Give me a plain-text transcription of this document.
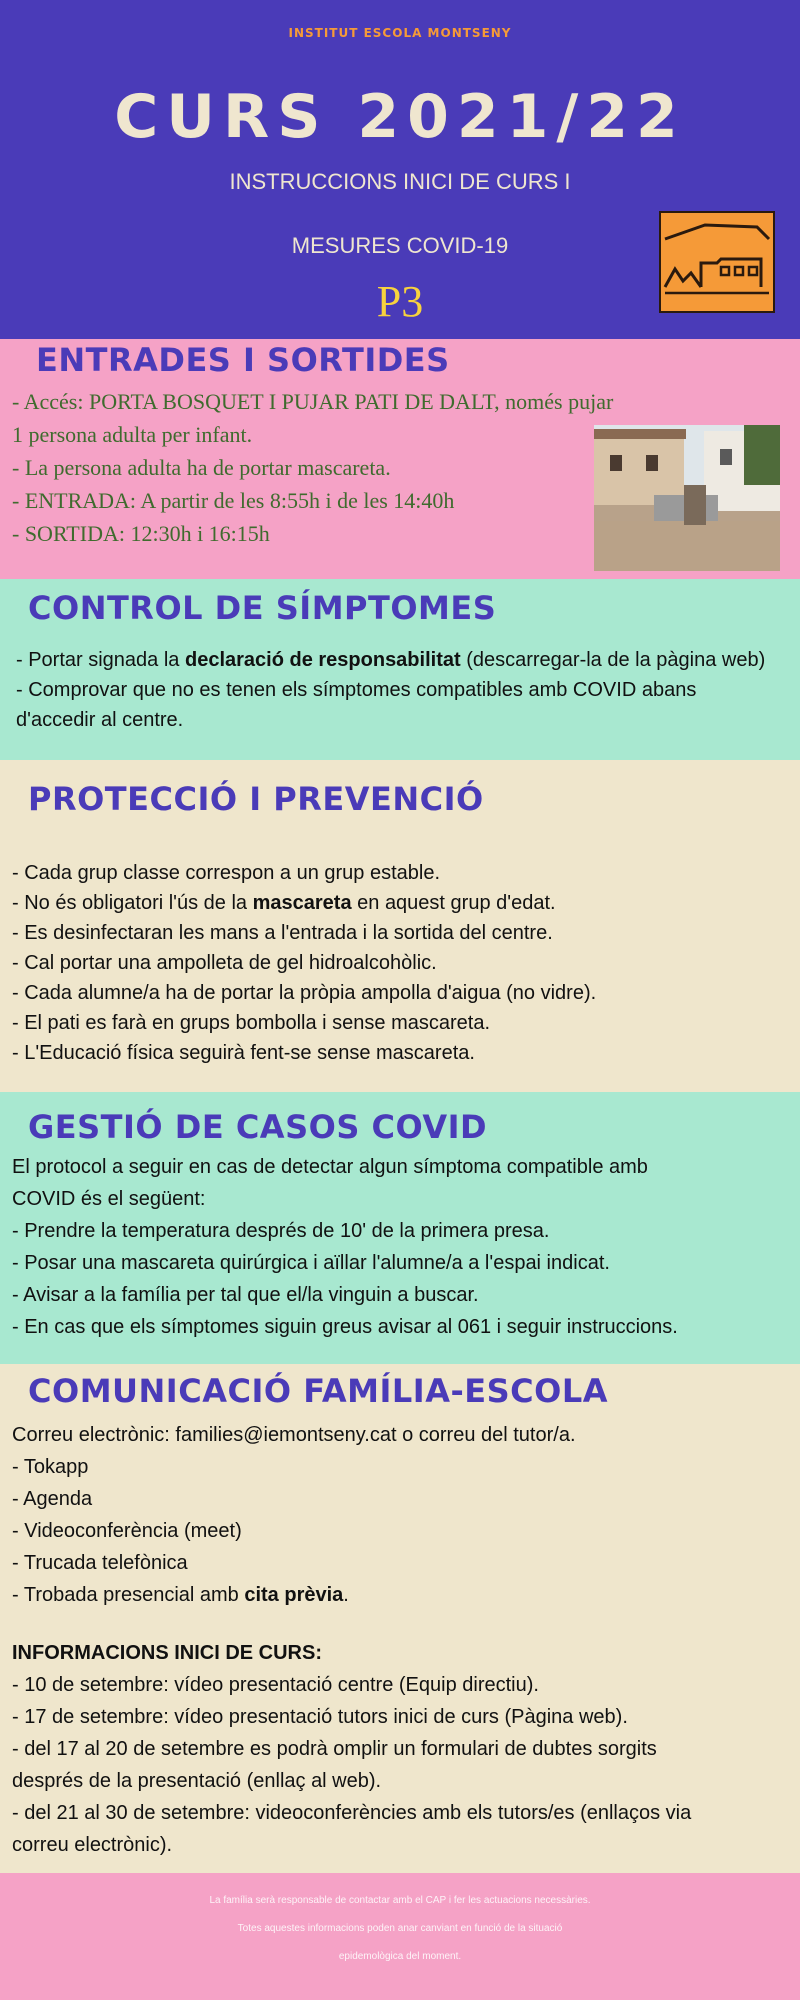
INSTITUT ESCOLA MONTSENY
CURS 2021/22
INSTRUCCIONS INICI DE CURS I
MESURES COVID-19
P3
ENTRADES I SORTIDES
- Accés: PORTA BOSQUET I PUJAR PATI DE DALT, només pujar
1 persona adulta per infant.
- La persona adulta ha de portar mascareta.
- ENTRADA: A partir de les 8:55h i de les 14:40h
- SORTIDA: 12:30h i 16:15h
CONTROL DE SÍMPTOMES
- Portar signada la declaració de responsabilitat (descarregar-la de la pàgina web)
- Comprovar que no es tenen els símptomes compatibles amb COVID abans
d'accedir al centre.
PROTECCIÓ I PREVENCIÓ
- Cada grup classe correspon a un grup estable.
- No és obligatori l'ús de la mascareta en aquest grup d'edat.
- Es desinfectaran les mans a l'entrada i la sortida del centre.
- Cal portar una ampolleta de gel hidroalcohòlic.
- Cada alumne/a ha de portar la pròpia ampolla d'aigua (no vidre).
- El pati es farà en grups bombolla i sense mascareta.
- L'Educació física seguirà fent-se sense mascareta.
GESTIÓ DE CASOS COVID
El protocol a seguir en cas de detectar algun símptoma compatible amb
COVID és el següent:
- Prendre la temperatura després de 10' de la primera presa.
- Posar una mascareta quirúrgica i aïllar l'alumne/a a l'espai indicat.
- Avisar a la família per tal que el/la vinguin a buscar.
- En cas que els símptomes siguin greus avisar al 061 i seguir instruccions.
COMUNICACIÓ FAMÍLIA-ESCOLA
Correu electrònic: families@iemontseny.cat o correu del tutor/a.
- Tokapp
- Agenda
- Videoconferència (meet)
- Trucada telefònica
- Trobada presencial amb cita prèvia.
INFORMACIONS INICI DE CURS:
- 10 de setembre: vídeo presentació centre (Equip directiu).
- 17 de setembre: vídeo presentació tutors inici de curs (Pàgina web).
- del 17 al 20 de setembre es podrà omplir un formulari de dubtes sorgits
després de la presentació (enllaç al web).
- del 21 al 30 de setembre: videoconferències amb els tutors/es (enllaços via
correu electrònic).
La família serà responsable de contactar amb el CAP i fer les actuacions necessàries.
Totes aquestes informacions poden anar canviant en funció de la situació
epidemològica del moment.
